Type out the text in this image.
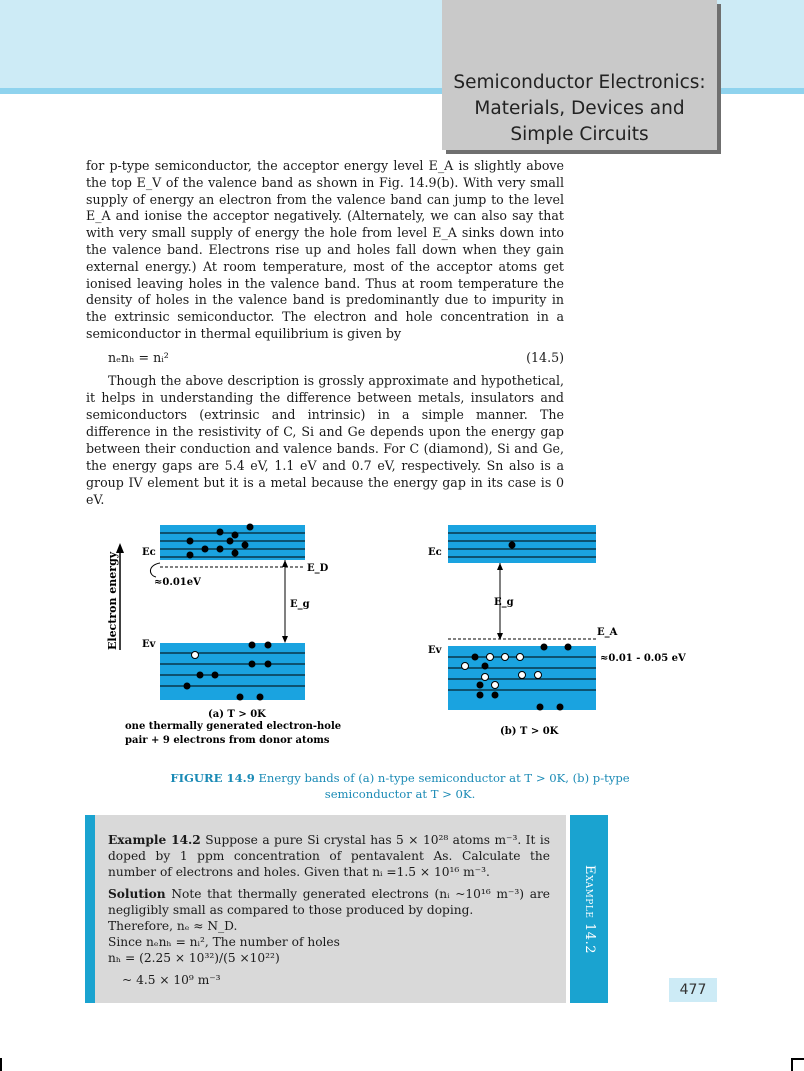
Semiconductor Electronics:
Materials, Devices and
Simple Circuits

for p-type semiconductor, the acceptor energy level E_A is slightly above the top E_V of the valence band as shown in Fig. 14.9(b). With very small supply of energy an electron from the valence band can jump to the level E_A and ionise the acceptor negatively. (Alternately, we can also say that with very small supply of energy the hole from level E_A sinks down into the valence band. Electrons rise up and holes fall down when they gain external energy.) At room temperature, most of the acceptor atoms get ionised leaving holes in the valence band. Thus at room temperature the density of holes in the valence band is predominantly due to impurity in the extrinsic semiconductor. The electron and hole concentration in a semiconductor in thermal equilibrium is given by

nₑnₕ = nᵢ²	(14.5)
Though the above description is grossly approximate and hypothetical, it helps in understanding the difference between metals, insulators and semiconductors (extrinsic and intrinsic) in a simple manner. The difference in the resistivity of C, Si and Ge depends upon the energy gap between their conduction and valence bands. For C (diamond), Si and Ge, the energy gaps are 5.4 eV, 1.1 eV and 0.7 eV, respectively. Sn also is a group IV element but it is a metal because the energy gap in its case is 0 eV.
Electron energy Eᴄ
E_D
≈0.01eV
E_g
Eᴠ
(a) T > 0K
one thermally generated electron-hole
pair + 9 electrons from donor atoms
Eᴄ
E_g
E_A
≈0.01 - 0.05 eV
Eᴠ
(b) T > 0K
FIGURE 14.9 Energy bands of (a) n-type semiconductor at T > 0K, (b) p-type semiconductor at T > 0K.
Example 14.2

Example 14.2 Suppose a pure Si crystal has 5 × 10²⁸ atoms m⁻³. It is doped by 1 ppm concentration of pentavalent As. Calculate the number of electrons and holes. Given that nᵢ =1.5 × 10¹⁶ m⁻³.

Solution Note that thermally generated electrons (nᵢ ~10¹⁶ m⁻³) are negligibly small as compared to those produced by doping.

Therefore, nₑ ≈ N_D.

Since nₑnₕ = nᵢ², The number of holes

nₕ = (2.25 × 10³²)/(5 ×10²²)

~ 4.5 × 10⁹ m⁻³

477
